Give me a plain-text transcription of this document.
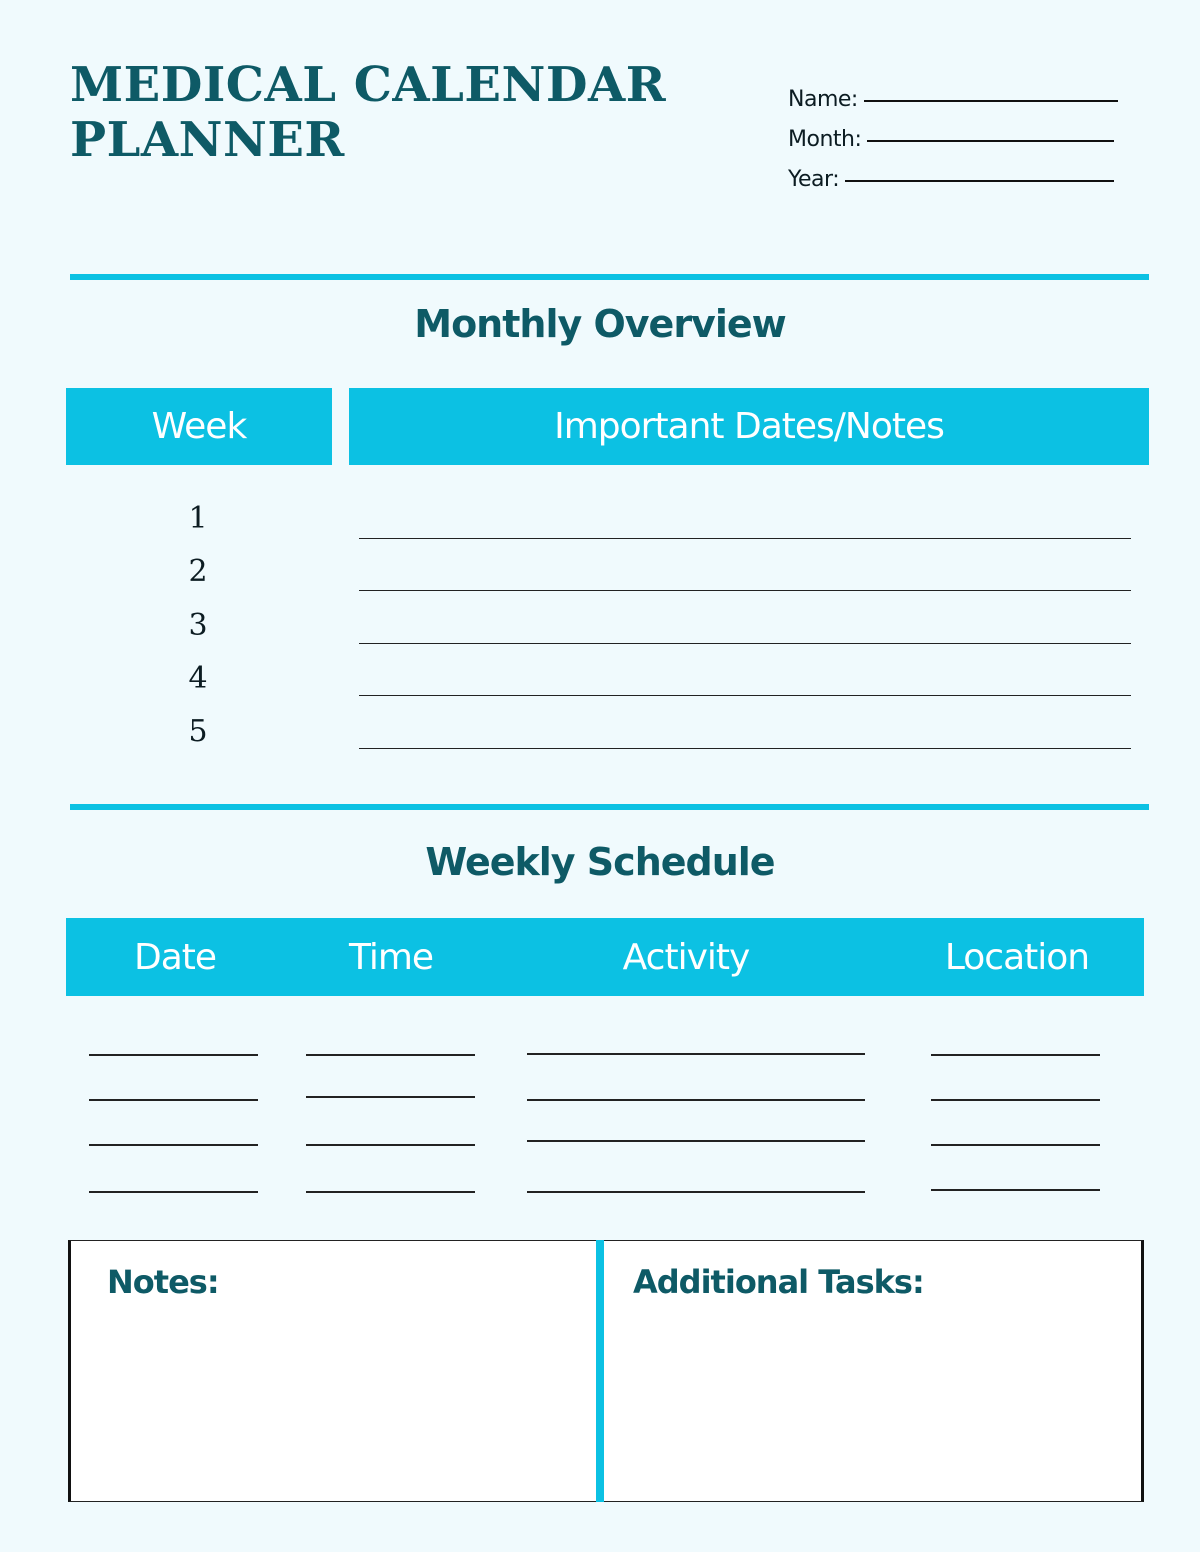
MEDICAL CALENDAR
PLANNER
Name:
Month:
Year:
Monthly Overview
Week	Important Dates/Notes
1
2
3
4
5
Weekly Schedule
Date	Time	Activity	Location
Notes:	Additional Tasks:
